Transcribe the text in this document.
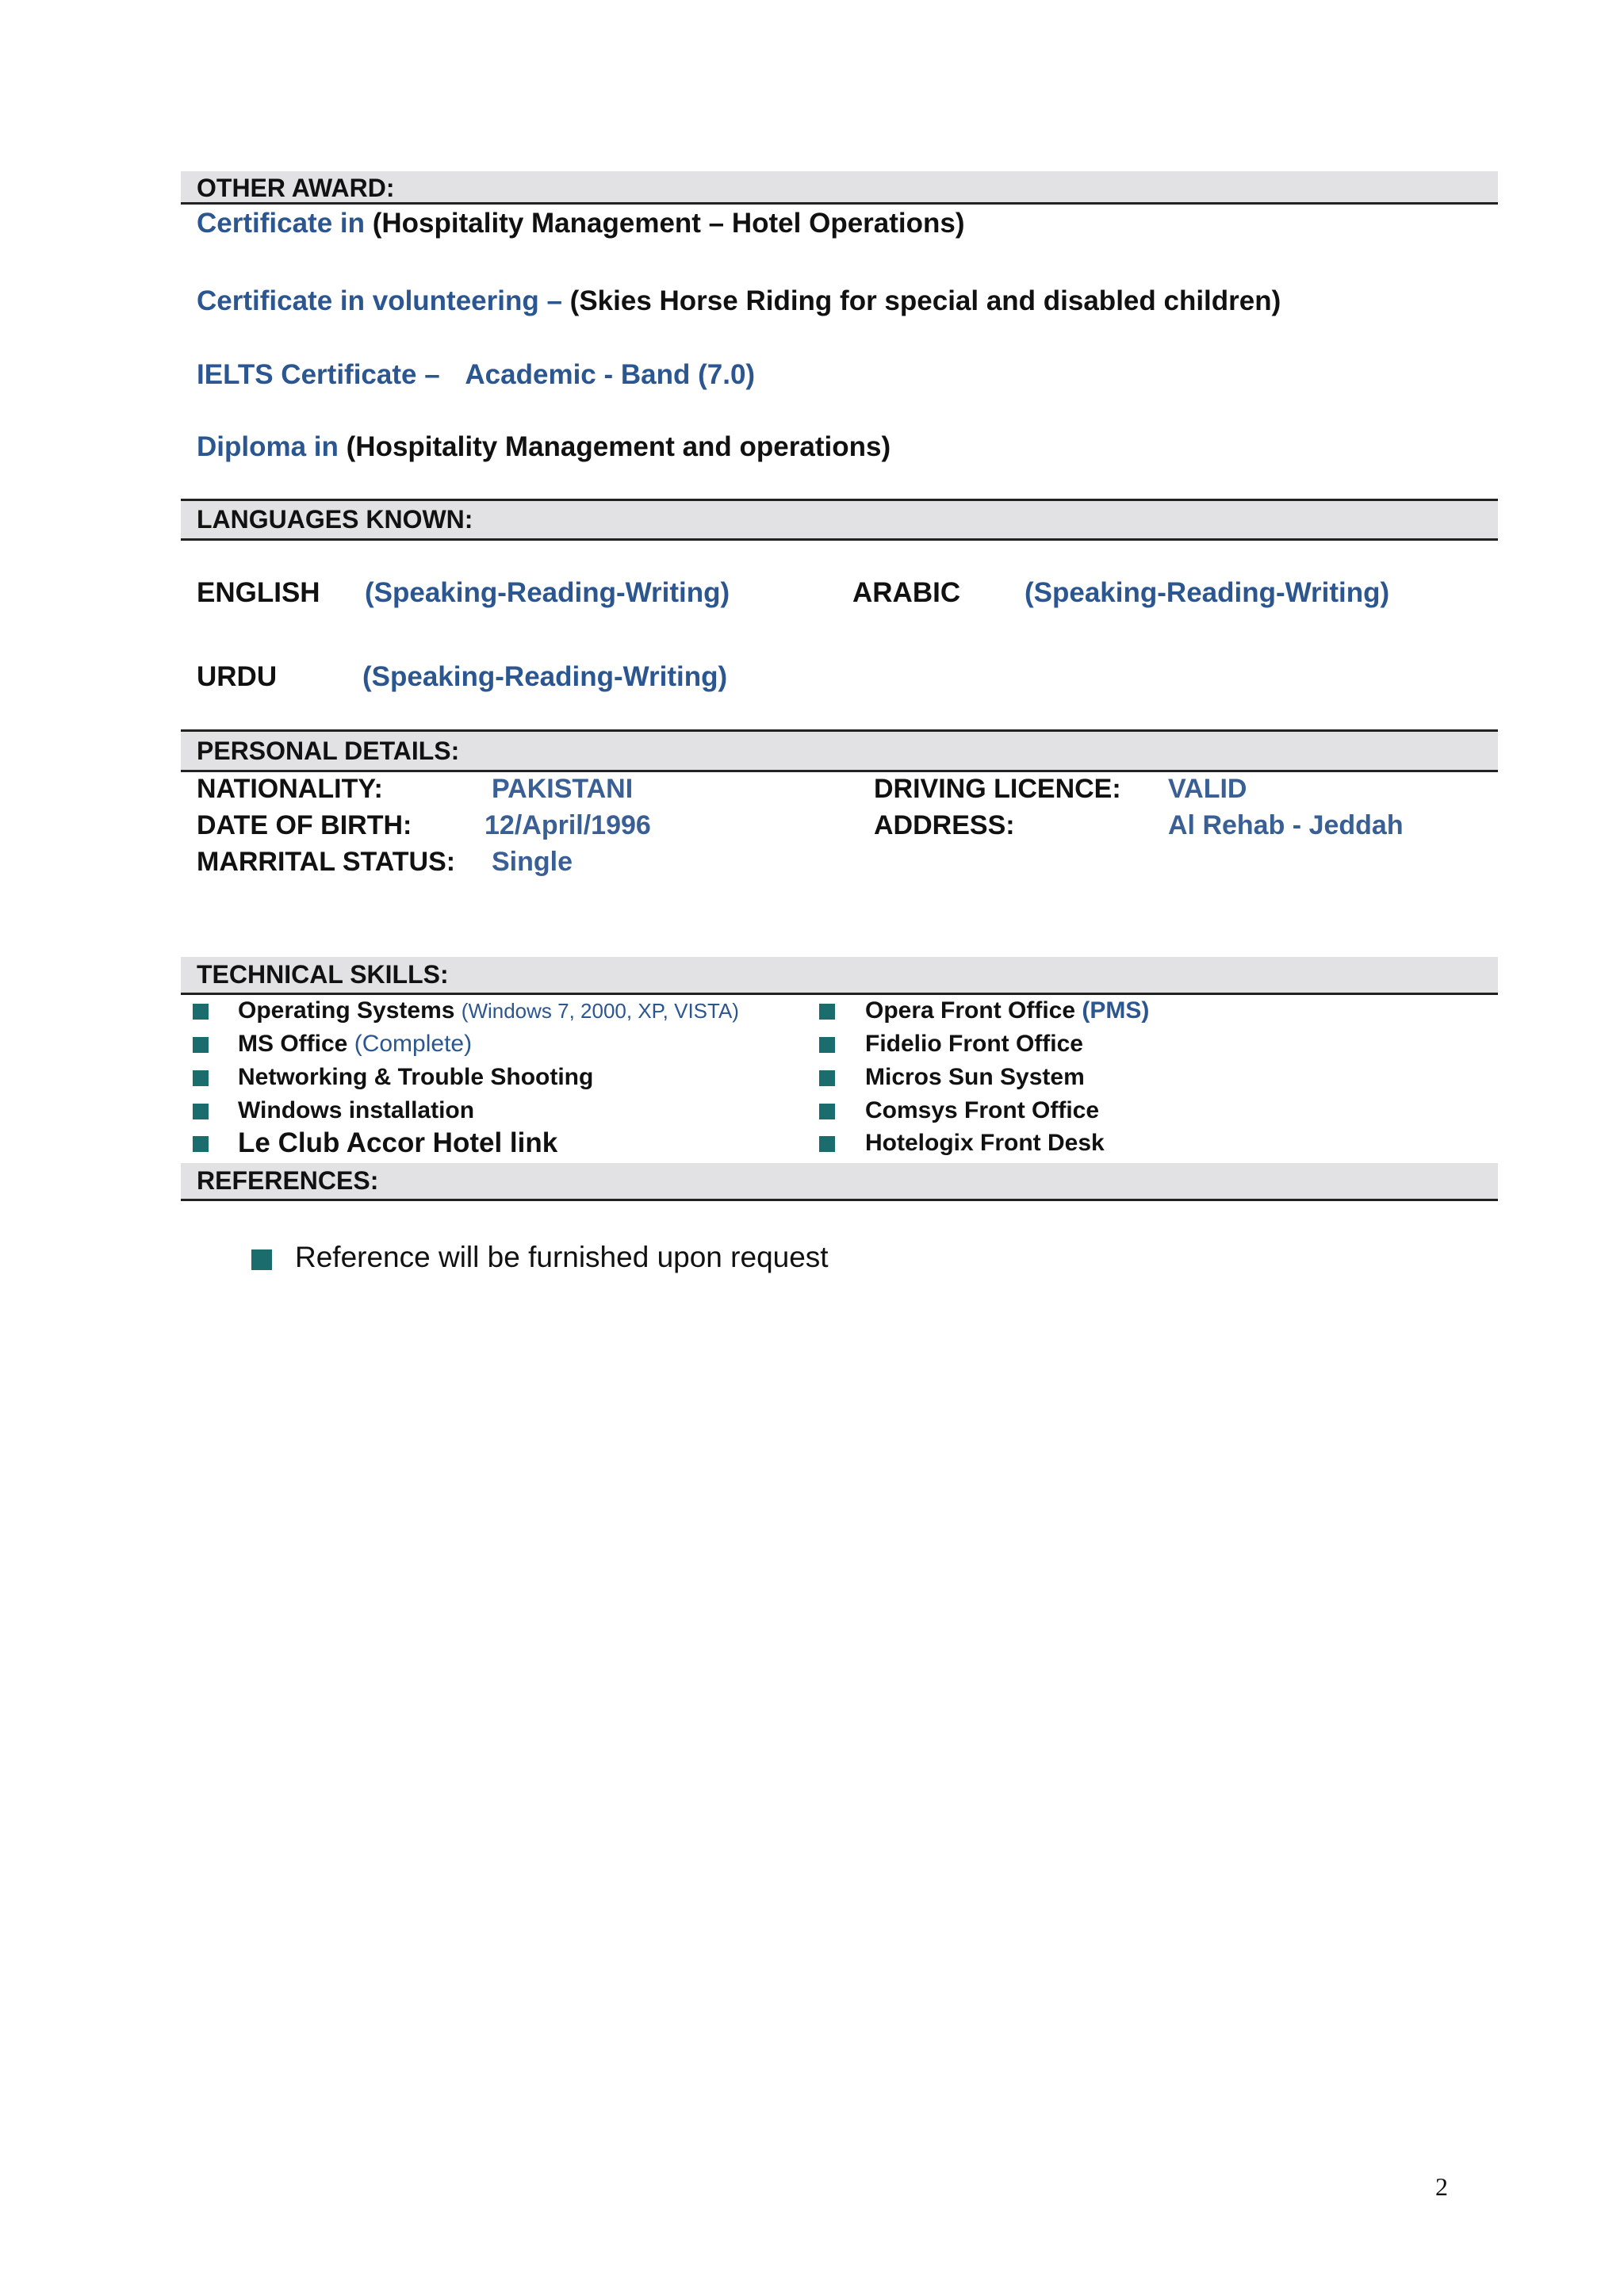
OTHER AWARD:
Certificate in (Hospitality Management – Hotel Operations)
Certificate in volunteering – (Skies Horse Riding for special and disabled children)
IELTS Certificate – Academic - Band (7.0)
Diploma in (Hospitality Management and operations)
LANGUAGES KNOWN:
ENGLISH (Speaking-Reading-Writing)	ARABIC (Speaking-Reading-Writing)
URDU	(Speaking-Reading-Writing)
PERSONAL DETAILS:
NATIONALITY:	PAKISTANI	DRIVING LICENCE: VALID
DATE OF BIRTH:	12/April/1996	ADDRESS:	Al Rehab - Jeddah
MARRITAL STATUS: Single
TECHNICAL SKILLS:
Operating Systems (Windows 7, 2000, XP, VISTA)
MS Office (Complete)
Networking & Trouble Shooting
Windows installation
Le Club Accor Hotel link
Opera Front Office (PMS)
Fidelio Front Office
Micros Sun System
Comsys Front Office
Hotelogix Front Desk
REFERENCES:
Reference will be furnished upon request
2
